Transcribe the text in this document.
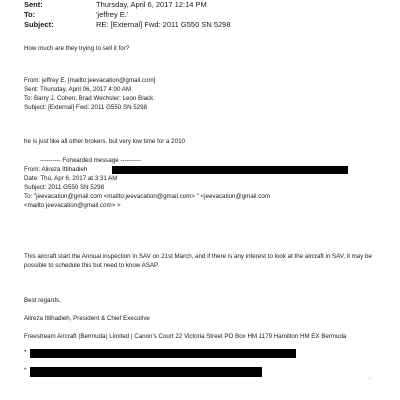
Sent:	Thursday, April 6, 2017 12:14 PM
To:	'jeffrey E.'
Subject:	RE: [External] Fwd: 2011 G550 SN 5298
How much are they trying to sell it for?
From: jeffrey E. [mailto:jeevacation@gmail.com]
Sent: Thursday, April 06, 2017 4:00 AM
To: Barry J. Cohen; Brad Wechsler; Leon Black
Subject: [External] Fwd: 2011 G550 SN 5298
he is just like all other brokers. but very low time for a 2010
---------- Forwarded message ----------
From: Alireza Ittihadieh
Date: Thu, Apr 6, 2017 at 3:31 AM
Subject: 2011 G550 SN 5298
To: "jeevacation@gmail.com <mailto:jeevacation@gmail.com> " <jeevacation@gmail.com
<mailto:jeevacation@gmail.com> >
This aircraft start the Annual inspection in SAV on 21st March, and if there is any interest to look at the aircraft in SAV, it may be possible to schedule this but need to know ASAP.
Best regards,
Alireza Ittihadieh, President & Chief Executive
Freestream Aircraft (Bermuda) Limited | Canon's Court 22 Victoria Street PO Box HM 1179 Hamilton HM EX Bermuda
*
*
·
